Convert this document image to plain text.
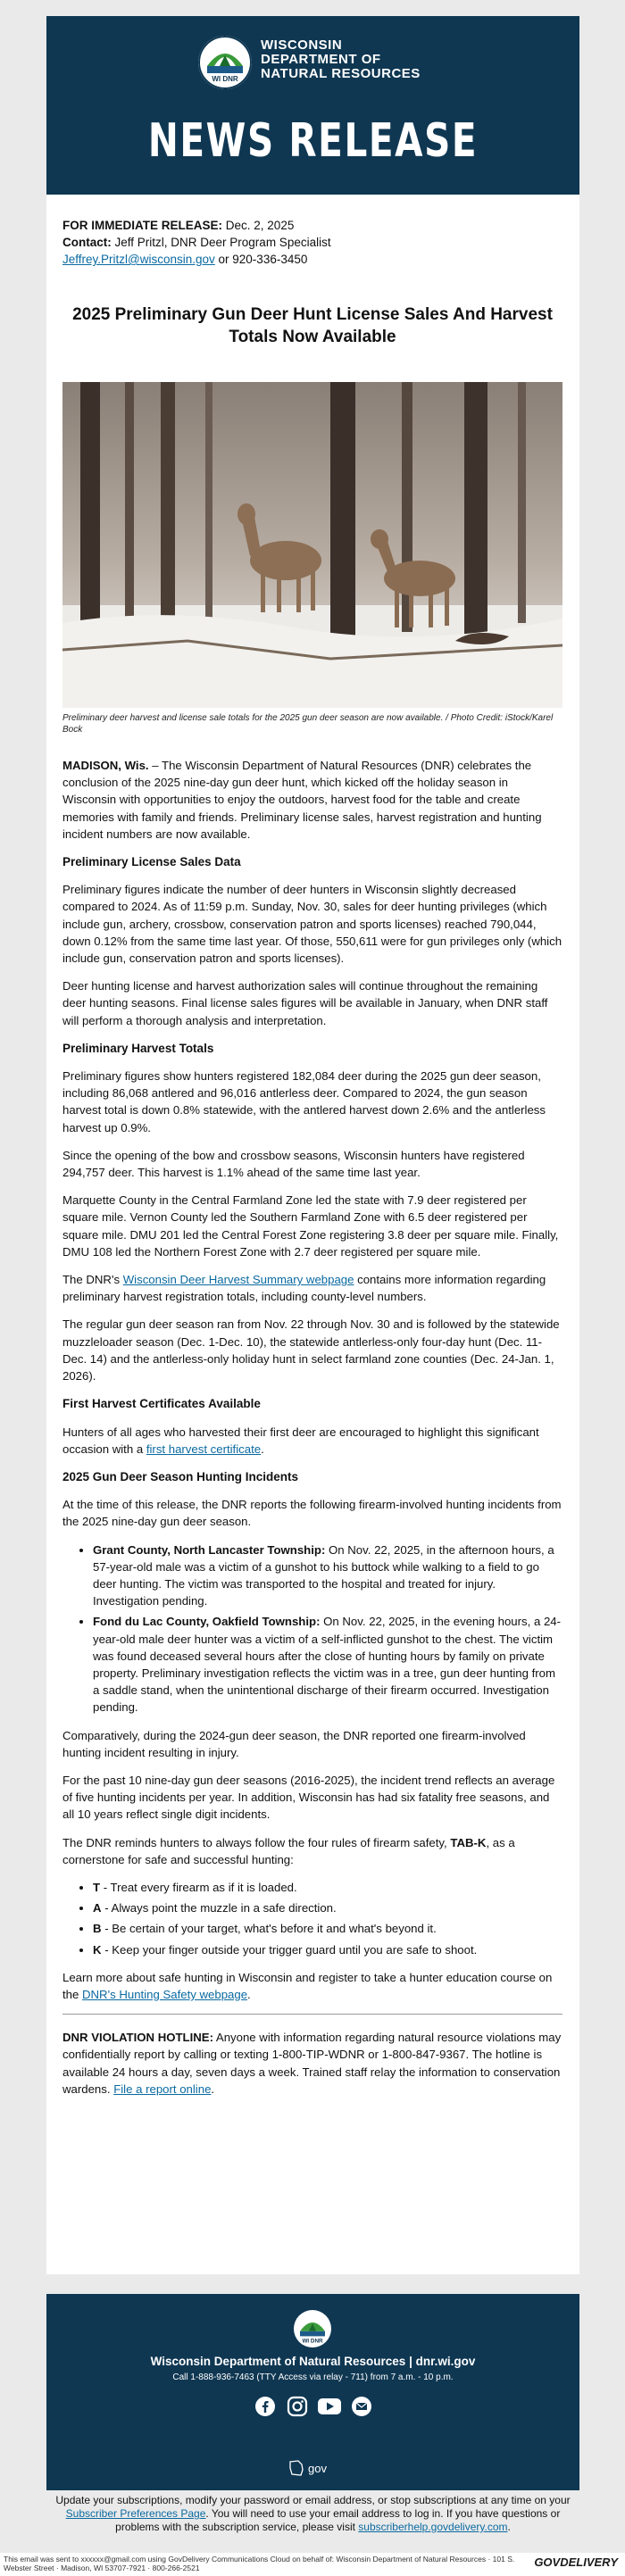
WI DNR
WISCONSIN
DEPARTMENT OF
NATURAL RESOURCES
NEWS RELEASE
FOR IMMEDIATE RELEASE: Dec. 2, 2025
Contact: Jeff Pritzl, DNR Deer Program Specialist
Jeffrey.Pritzl@wisconsin.gov or 920-336-3450
2025 Preliminary Gun Deer Hunt License Sales And Harvest Totals Now Available
Preliminary deer harvest and license sale totals for the 2025 gun deer season are now available. / Photo Credit: iStock/Karel Bock

MADISON, Wis. – The Wisconsin Department of Natural Resources (DNR) celebrates the conclusion of the 2025 nine-day gun deer hunt, which kicked off the holiday season in Wisconsin with opportunities to enjoy the outdoors, harvest food for the table and create memories with family and friends. Preliminary license sales, harvest registration and hunting incident numbers are now available.

Preliminary License Sales Data

Preliminary figures indicate the number of deer hunters in Wisconsin slightly decreased compared to 2024. As of 11:59 p.m. Sunday, Nov. 30, sales for deer hunting privileges (which include gun, archery, crossbow, conservation patron and sports licenses) reached 790,044, down 0.12% from the same time last year. Of those, 550,611 were for gun privileges only (which include gun, conservation patron and sports licenses).

Deer hunting license and harvest authorization sales will continue throughout the remaining deer hunting seasons. Final license sales figures will be available in January, when DNR staff will perform a thorough analysis and interpretation.

Preliminary Harvest Totals

Preliminary figures show hunters registered 182,084 deer during the 2025 gun deer season, including 86,068 antlered and 96,016 antlerless deer. Compared to 2024, the gun season harvest total is down 0.8% statewide, with the antlered harvest down 2.6% and the antlerless harvest up 0.9%.

Since the opening of the bow and crossbow seasons, Wisconsin hunters have registered 294,757 deer. This harvest is 1.1% ahead of the same time last year.

Marquette County in the Central Farmland Zone led the state with 7.9 deer registered per square mile. Vernon County led the Southern Farmland Zone with 6.5 deer registered per square mile. DMU 201 led the Central Forest Zone registering 3.8 deer per square mile. Finally, DMU 108 led the Northern Forest Zone with 2.7 deer registered per square mile.

The DNR's Wisconsin Deer Harvest Summary webpage contains more information regarding preliminary harvest registration totals, including county-level numbers.

The regular gun deer season ran from Nov. 22 through Nov. 30 and is followed by the statewide muzzleloader season (Dec. 1-Dec. 10), the statewide antlerless-only four-day hunt (Dec. 11-Dec. 14) and the antlerless-only holiday hunt in select farmland zone counties (Dec. 24-Jan. 1, 2026).

First Harvest Certificates Available

Hunters of all ages who harvested their first deer are encouraged to highlight this significant occasion with a first harvest certificate.

2025 Gun Deer Season Hunting Incidents

At the time of this release, the DNR reports the following firearm-involved hunting incidents from the 2025 nine-day gun deer season.

• Grant County, North Lancaster Township: On Nov. 22, 2025, in the afternoon hours, a 57-year-old male was a victim of a gunshot to his buttock while walking to a field to go deer hunting. The victim was transported to the hospital and treated for injury. Investigation pending.
• Fond du Lac County, Oakfield Township: On Nov. 22, 2025, in the evening hours, a 24-year-old male deer hunter was a victim of a self-inflicted gunshot to the chest. The victim was found deceased several hours after the close of hunting hours by family on private property. Preliminary investigation reflects the victim was in a tree, gun deer hunting from a saddle stand, when the unintentional discharge of their firearm occurred. Investigation pending.

Comparatively, during the 2024-gun deer season, the DNR reported one firearm-involved hunting incident resulting in injury.

For the past 10 nine-day gun deer seasons (2016-2025), the incident trend reflects an average of five hunting incidents per year. In addition, Wisconsin has had six fatality free seasons, and all 10 years reflect single digit incidents.

The DNR reminds hunters to always follow the four rules of firearm safety, TAB-K, as a cornerstone for safe and successful hunting:

• T - Treat every firearm as if it is loaded.
• A - Always point the muzzle in a safe direction.
• B - Be certain of your target, what's before it and what's beyond it.
• K - Keep your finger outside your trigger guard until you are safe to shoot.

Learn more about safe hunting in Wisconsin and register to take a hunter education course on the DNR's Hunting Safety webpage.

DNR VIOLATION HOTLINE: Anyone with information regarding natural resource violations may confidentially report by calling or texting 1-800-TIP-WDNR or 1-800-847-9367. The hotline is available 24 hours a day, seven days a week. Trained staff relay the information to conservation wardens. File a report online.

WI DNR
Wisconsin Department of Natural Resources | dnr.wi.gov
Call 1-888-936-7463 (TTY Access via relay - 711) from 7 a.m. - 10 p.m.
gov
Update your subscriptions, modify your password or email address, or stop subscriptions at any time on your Subscriber Preferences Page. You will need to use your email address to log in. If you have questions or problems with the subscription service, please visit subscriberhelp.govdelivery.com.
This email was sent to xxxxxx@gmail.com using GovDelivery Communications Cloud on behalf of: Wisconsin Department of Natural Resources · 101 S. Webster Street · Madison, WI 53707-7921 · 800-266-2521	GOVDELIVERY
